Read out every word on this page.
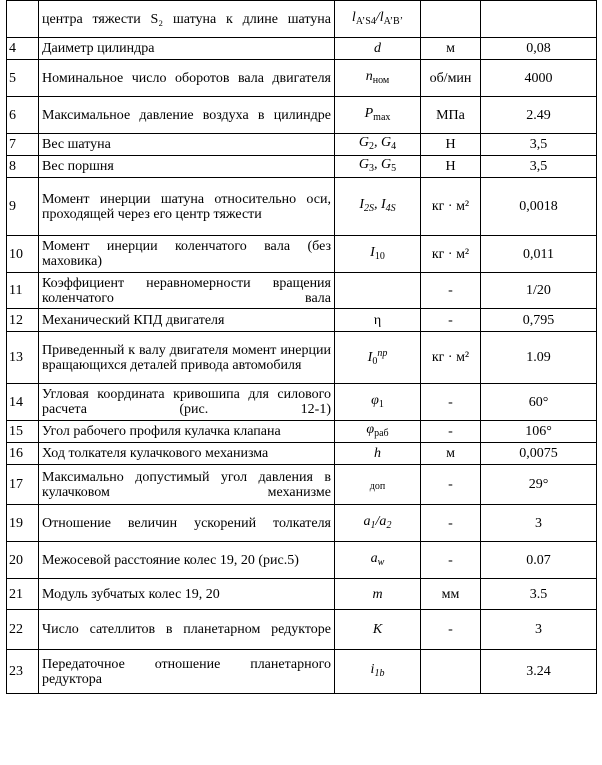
	центра тяжести S₂ шатуна к длине шатуна	$l_{A’S4}/l_{A’B’}$		
4	Даиметр цилиндра	d	м	0,08
5	Номинальное число оборотов вала двигателя	$n_{ном}$	об/мин	4000
6	Максимальное давление воздуха в цилиндре	$P_{max}$	МПа	2.49
7	Вес шатуна	$G_2$, $G_4$	Н	3,5
8	Вес поршня	$G_3$, $G_5$	Н	3,5
9	Момент инерции шатуна относительно оси, проходящей через его центр тяжести	$I_{2S}$, $I_{4S}$	кг · м²	0,0018
10	Момент инерции коленчатого вала (без маховика)	$I_{10}$	кг · м²	0,011
11	Коэффициент неравномерности вращения коленчатого вала		-	1/20
12	Механический КПД двигателя	η	-	0,795
13	Приведенный к валу двигателя момент инерции вращающихся деталей привода автомобиля	$I_0^{пр}$	кг · м²	1.09
14	Угловая координата кривошипа для силового расчета (рис. 12-1)	$\varphi_1$	-	60°
15	Угол рабочего профиля кулачка клапана	$\varphi_{раб}$	-	106°
16	Ход толкателя кулачкового механизма	h	м	0,0075
17	Максимально допустимый угол давления в кулачковом механизме	$_{доп}$	-	29°
19	Отношение величин ускорений толкателя	$a_1/a_2$	-	3
20	Межосевой расстояние колес 19, 20 (рис.5)	$a_w$	-	0.07
21	Модуль зубчатых колес 19, 20	m	мм	3.5
22	Число сателлитов в планетарном редукторе	K	-	3
23	Передаточное отношение планетарного редуктора	$i_{1b}$		3.24
